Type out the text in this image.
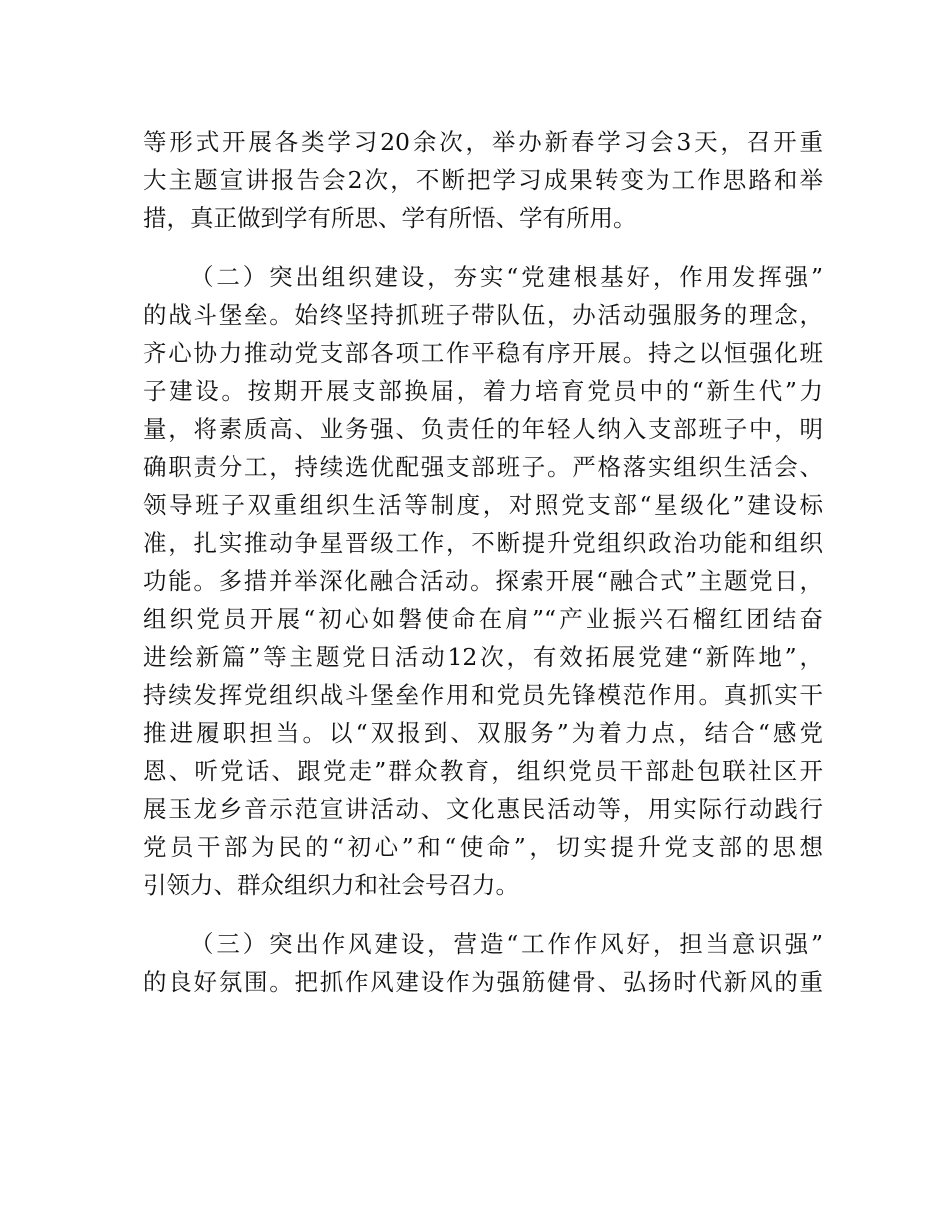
等形式开展各类学习20余次，举办新春学习会3天，召开重
大主题宣讲报告会2次，不断把学习成果转变为工作思路和举
措，真正做到学有所思、学有所悟、学有所用。
（二）突出组织建设，夯实“党建根基好，作用发挥强”
的战斗堡垒。始终坚持抓班子带队伍，办活动强服务的理念，
齐心协力推动党支部各项工作平稳有序开展。持之以恒强化班
子建设。按期开展支部换届，着力培育党员中的“新生代”力
量，将素质高、业务强、负责任的年轻人纳入支部班子中，明
确职责分工，持续选优配强支部班子。严格落实组织生活会、
领导班子双重组织生活等制度，对照党支部“星级化”建设标
准，扎实推动争星晋级工作，不断提升党组织政治功能和组织
功能。多措并举深化融合活动。探索开展“融合式”主题党日，
组织党员开展“初心如磐使命在肩”“产业振兴石榴红团结奋
进绘新篇”等主题党日活动12次，有效拓展党建“新阵地”，
持续发挥党组织战斗堡垒作用和党员先锋模范作用。真抓实干
推进履职担当。以“双报到、双服务”为着力点，结合“感党
恩、听党话、跟党走”群众教育，组织党员干部赴包联社区开
展玉龙乡音示范宣讲活动、文化惠民活动等，用实际行动践行
党员干部为民的“初心”和“使命”，切实提升党支部的思想
引领力、群众组织力和社会号召力。
（三）突出作风建设，营造“工作作风好，担当意识强”
的良好氛围。把抓作风建设作为强筋健骨、弘扬时代新风的重
